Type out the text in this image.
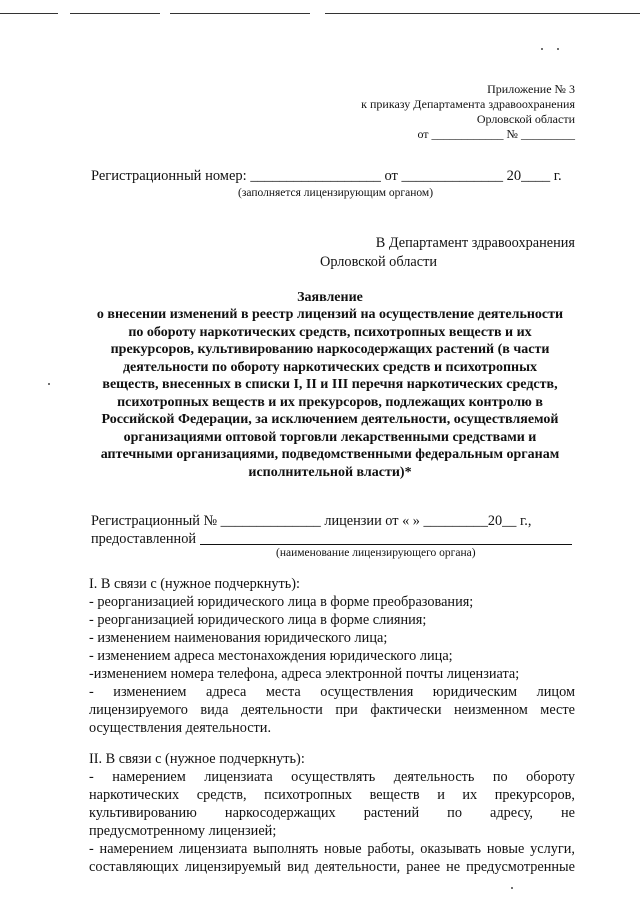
Приложение № 3
к приказу Департамента здравоохранения
Орловской области
от ____________ № _________
Регистрационный номер: __________________ от ______________ 20____ г.
(заполняется лицензирующим органом)
В Департамент здравоохранения
Орловской области
Заявление
о внесении изменений в реестр лицензий на осуществление деятельности
по обороту наркотических средств, психотропных веществ и их
прекурсоров, культивированию наркосодержащих растений (в части
деятельности по обороту наркотических средств и психотропных
веществ, внесенных в списки I, II и III перечня наркотических средств,
психотропных веществ и их прекурсоров, подлежащих контролю в
Российской Федерации, за исключением деятельности, осуществляемой
организациями оптовой торговли лекарственными средствами и
аптечными организациями, подведомственными федеральным органам
исполнительной власти)*
Регистрационный № ______________ лицензии от « » _________20__ г.,
предоставленной
(наименование лицензирующего органа)
I. В связи с (нужное подчеркнуть):
- реорганизацией юридического лица в форме преобразования;
- реорганизацией юридического лица в форме слияния;
- изменением наименования юридического лица;
- изменением адреса местонахождения юридического лица;
-изменением номера телефона, адреса электронной почты лицензиата;
- изменением адреса места осуществления юридическим лицом
лицензируемого вида деятельности при фактически неизменном месте
осуществления деятельности.
II. В связи с (нужное подчеркнуть):
- намерением лицензиата осуществлять деятельность по обороту
наркотических средств, психотропных веществ и их прекурсоров,
культивированию наркосодержащих растений по адресу, не
предусмотренному лицензией;
- намерением лицензиата выполнять новые работы, оказывать новые услуги,
составляющих лицензируемый вид деятельности, ранее не предусмотренные
